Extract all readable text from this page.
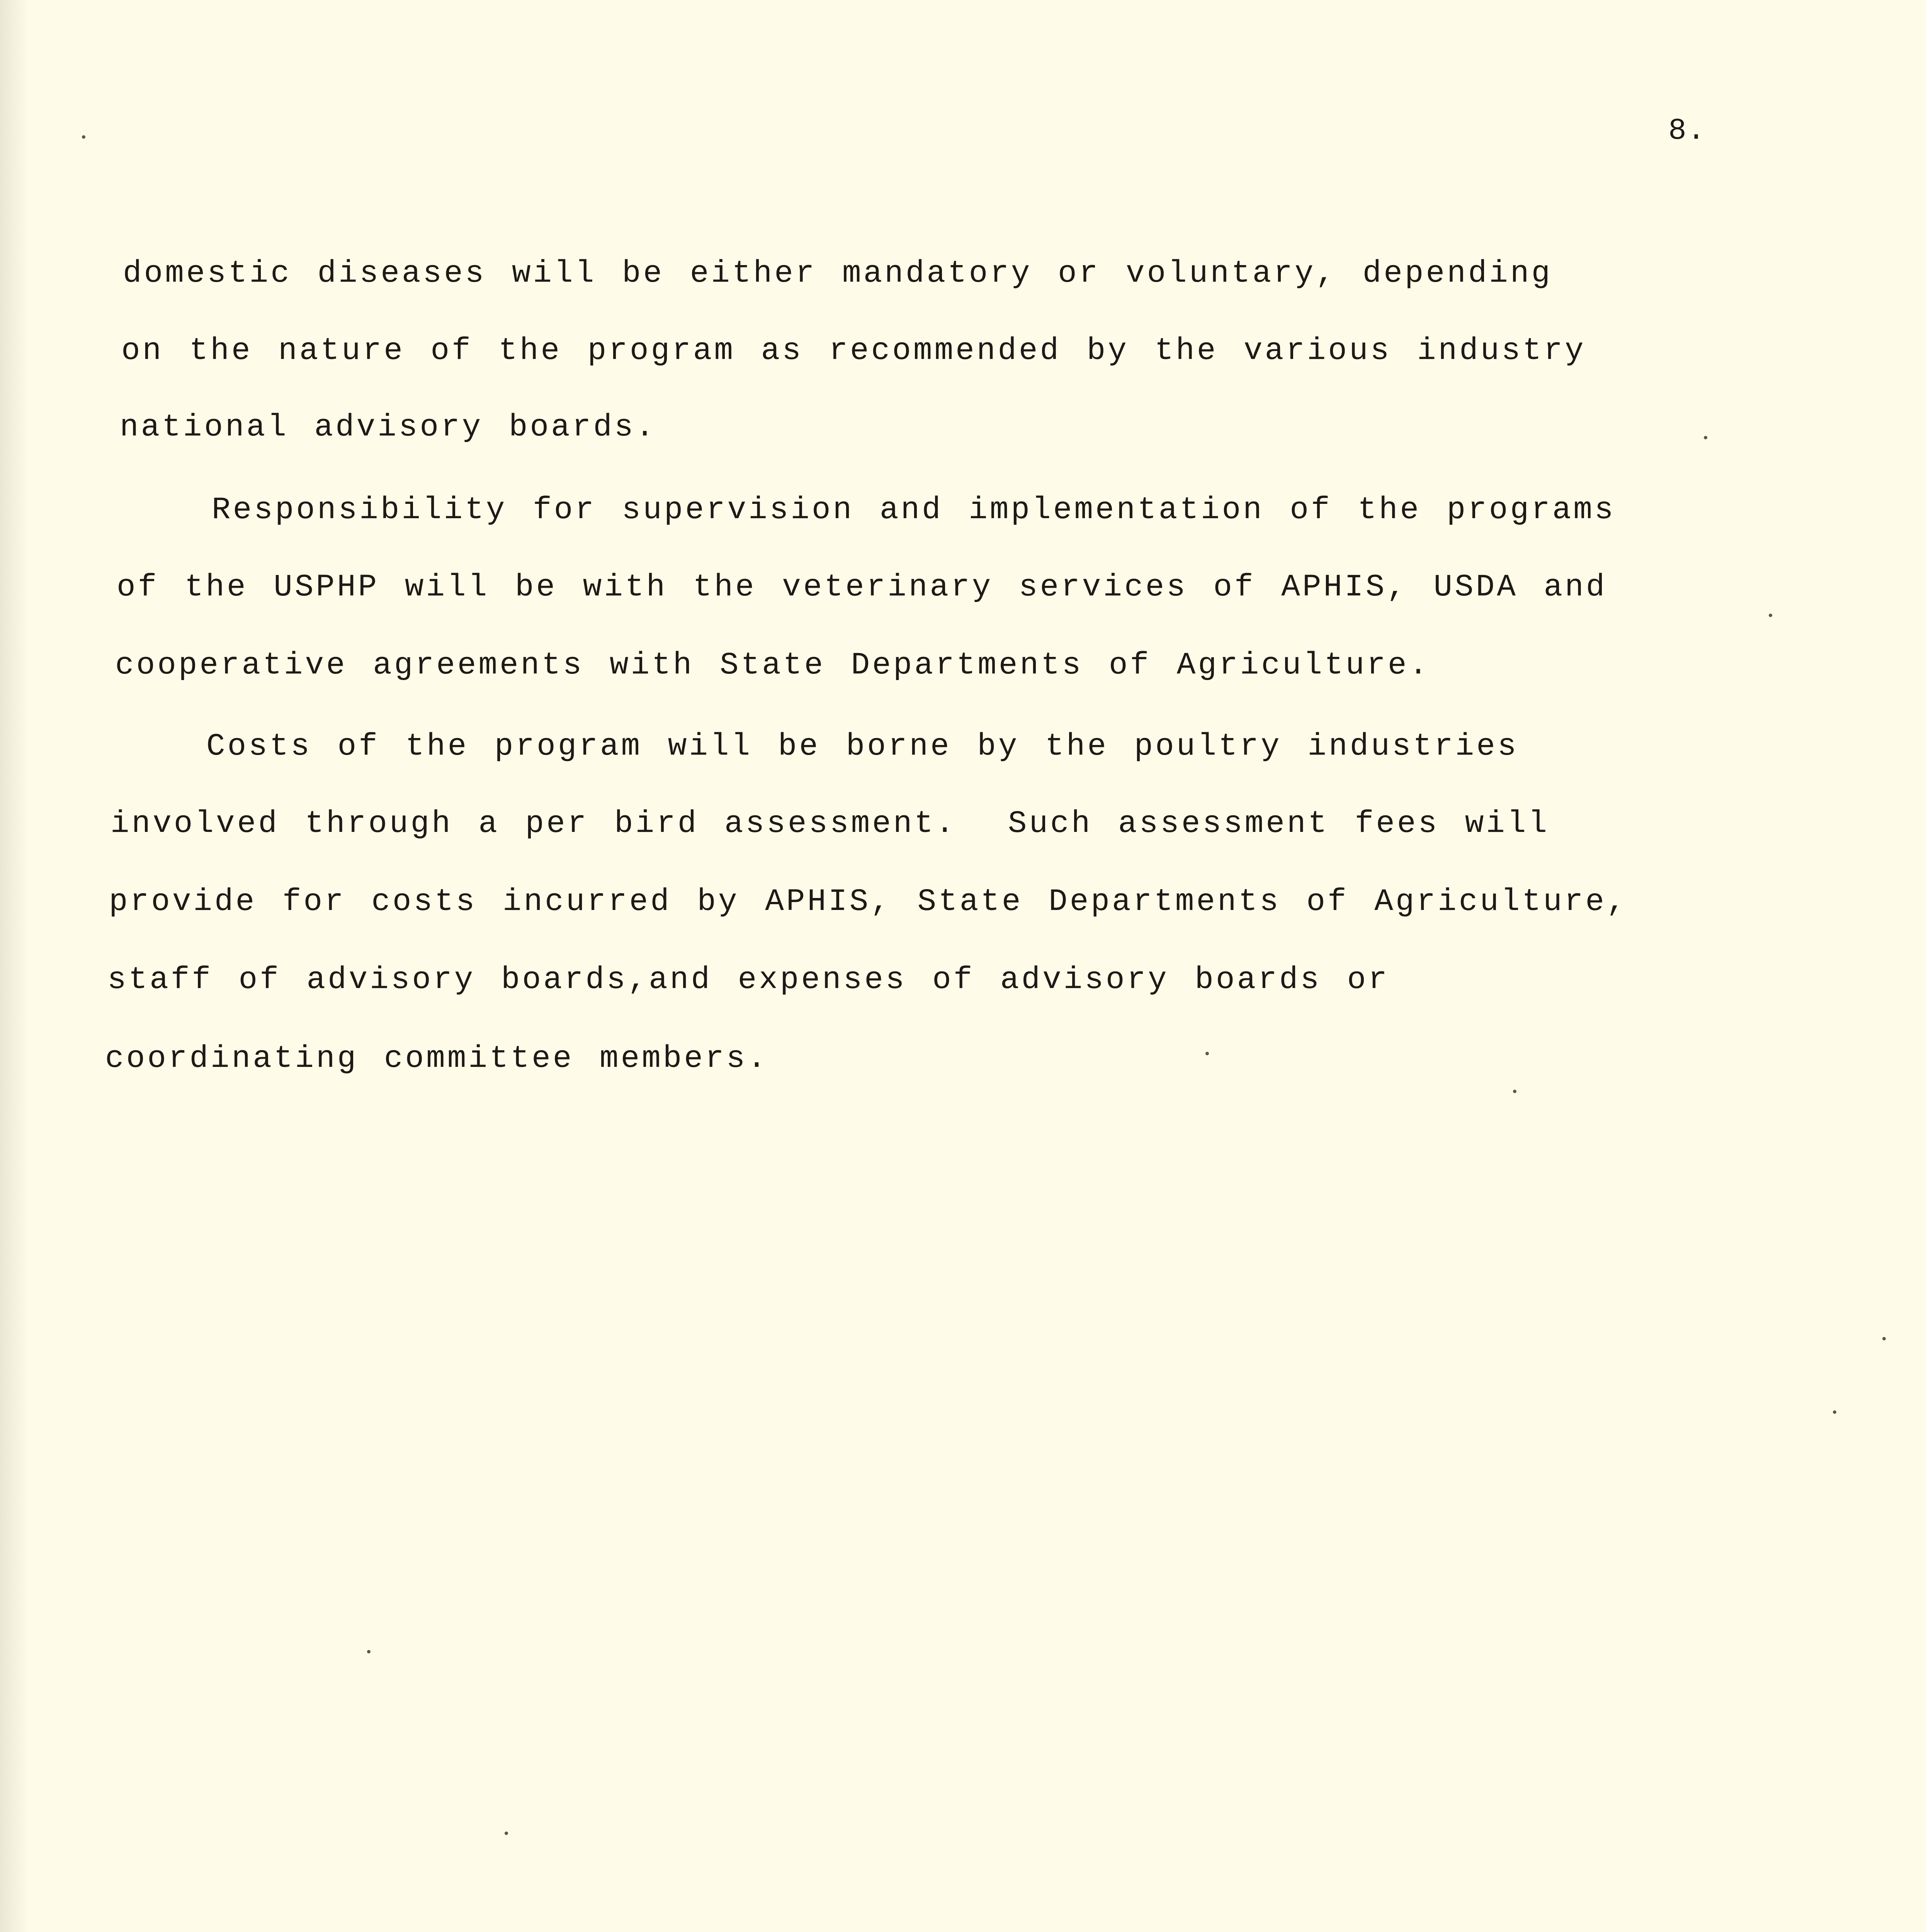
8.
domestic diseases will be either mandatory or voluntary, depending
on the nature of the program as recommended by the various industry
national advisory boards.
Responsibility for supervision and implementation of the programs
of the USPHP will be with the veterinary services of APHIS, USDA and
cooperative agreements with State Departments of Agriculture.
Costs of the program will be borne by the poultry industries
involved through a per bird assessment.  Such assessment fees will
provide for costs incurred by APHIS, State Departments of Agriculture,
staff of advisory boards,and expenses of advisory boards or
coordinating committee members.
